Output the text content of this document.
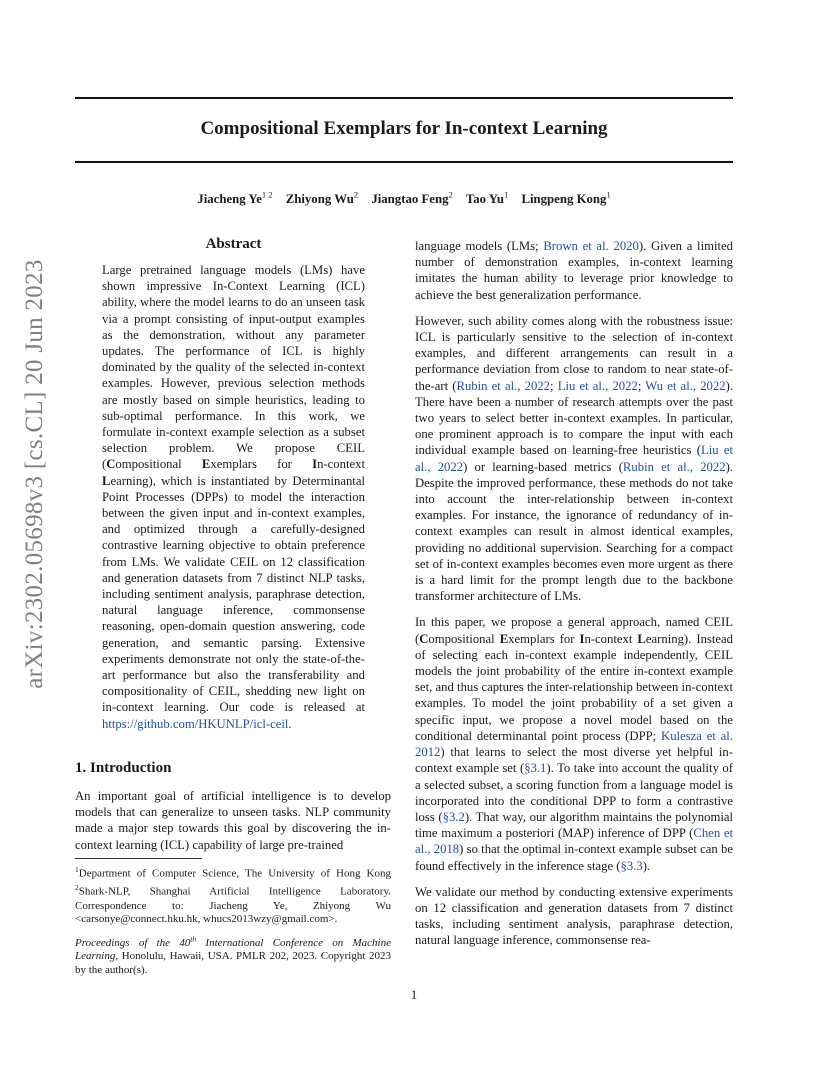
Compositional Exemplars for In-context Learning
arXiv:2302.05698v3 [cs.CL] 20 Jun 2023
Jiacheng $Ye^{1 2}$ Zhiyong Wu$^2$ Jiangtao Feng$^2$ Tao Yu$^1$ Lingpeng Kong$^1$
Abstract

Large pretrained language models (LMs) have shown impressive In-Context Learning (ICL) ability, where the model learns to do an unseen task via a prompt consisting of input-output examples as the demonstration, without any parameter updates. The performance of ICL is highly dominated by the quality of the selected in-context examples. However, previous selection methods are mostly based on simple heuristics, leading to sub-optimal performance. In this work, we formulate in-context example selection as a subset selection problem. We propose CEIL (Compositional Exemplars for In-context Learning), which is instantiated by Determinantal Point Processes (DPPs) to model the interaction between the given input and in-context examples, and optimized through a carefully-designed contrastive learning objective to obtain preference from LMs. We validate CEIL on 12 classification and generation datasets from 7 distinct NLP tasks, including sentiment analysis, paraphrase detection, natural language inference, commonsense reasoning, open-domain question answering, code generation, and semantic parsing. Extensive experiments demonstrate not only the state-of-the-art performance but also the transferability and compositionality of CEIL, shedding new light on in-context learning. Our code is released at https://github.com/HKUNLP/icl-ceil.

1. Introduction

An important goal of artificial intelligence is to develop models that can generalize to unseen tasks. NLP community made a major step towards this goal by discovering the in-context learning (ICL) capability of large pre-trained

$^1$Department of Computer Science, The University of Hong Kong $^2$Shark-NLP, Shanghai Artificial Intelligence Laboratory. Correspondence to: Jiacheng Ye, Zhiyong Wu <carsonye@connect.hku.hk, whucs2013wzy@gmail.com>.
Proceedings of the 40th International Conference on Machine Learning, Honolulu, Hawaii, USA. PMLR 202, 2023. Copyright 2023 by the author(s).

language models (LMs; Brown et al. 2020). Given a limited number of demonstration examples, in-context learning imitates the human ability to leverage prior knowledge to achieve the best generalization performance.

However, such ability comes along with the robustness issue: ICL is particularly sensitive to the selection of in-context examples, and different arrangements can result in a performance deviation from close to random to near state-of-the-art (Rubin et al., 2022; Liu et al., 2022; Wu et al., 2022). There have been a number of research attempts over the past two years to select better in-context examples. In particular, one prominent approach is to compare the input with each individual example based on learning-free heuristics (Liu et al., 2022) or learning-based metrics (Rubin et al., 2022). Despite the improved performance, these methods do not take into account the inter-relationship between in-context examples. For instance, the ignorance of redundancy of in-context examples can result in almost identical examples, providing no additional supervision. Searching for a compact set of in-context examples becomes even more urgent as there is a hard limit for the prompt length due to the backbone transformer architecture of LMs.

In this paper, we propose a general approach, named CEIL (Compositional Exemplars for In-context Learning). Instead of selecting each in-context example independently, CEIL models the joint probability of the entire in-context example set, and thus captures the inter-relationship between in-context examples. To model the joint probability of a set given a specific input, we propose a novel model based on the conditional determinantal point process (DPP; Kulesza et al. 2012) that learns to select the most diverse yet helpful in-context example set (§3.1). To take into account the quality of a selected subset, a scoring function from a language model is incorporated into the conditional DPP to form a contrastive loss (§3.2). That way, our algorithm maintains the polynomial time maximum a posteriori (MAP) inference of DPP (Chen et al., 2018) so that the optimal in-context example subset can be found effectively in the inference stage (§3.3).

We validate our method by conducting extensive experiments on 12 classification and generation datasets from 7 distinct tasks, including sentiment analysis, paraphrase detection, natural language inference, commonsense rea-

1
